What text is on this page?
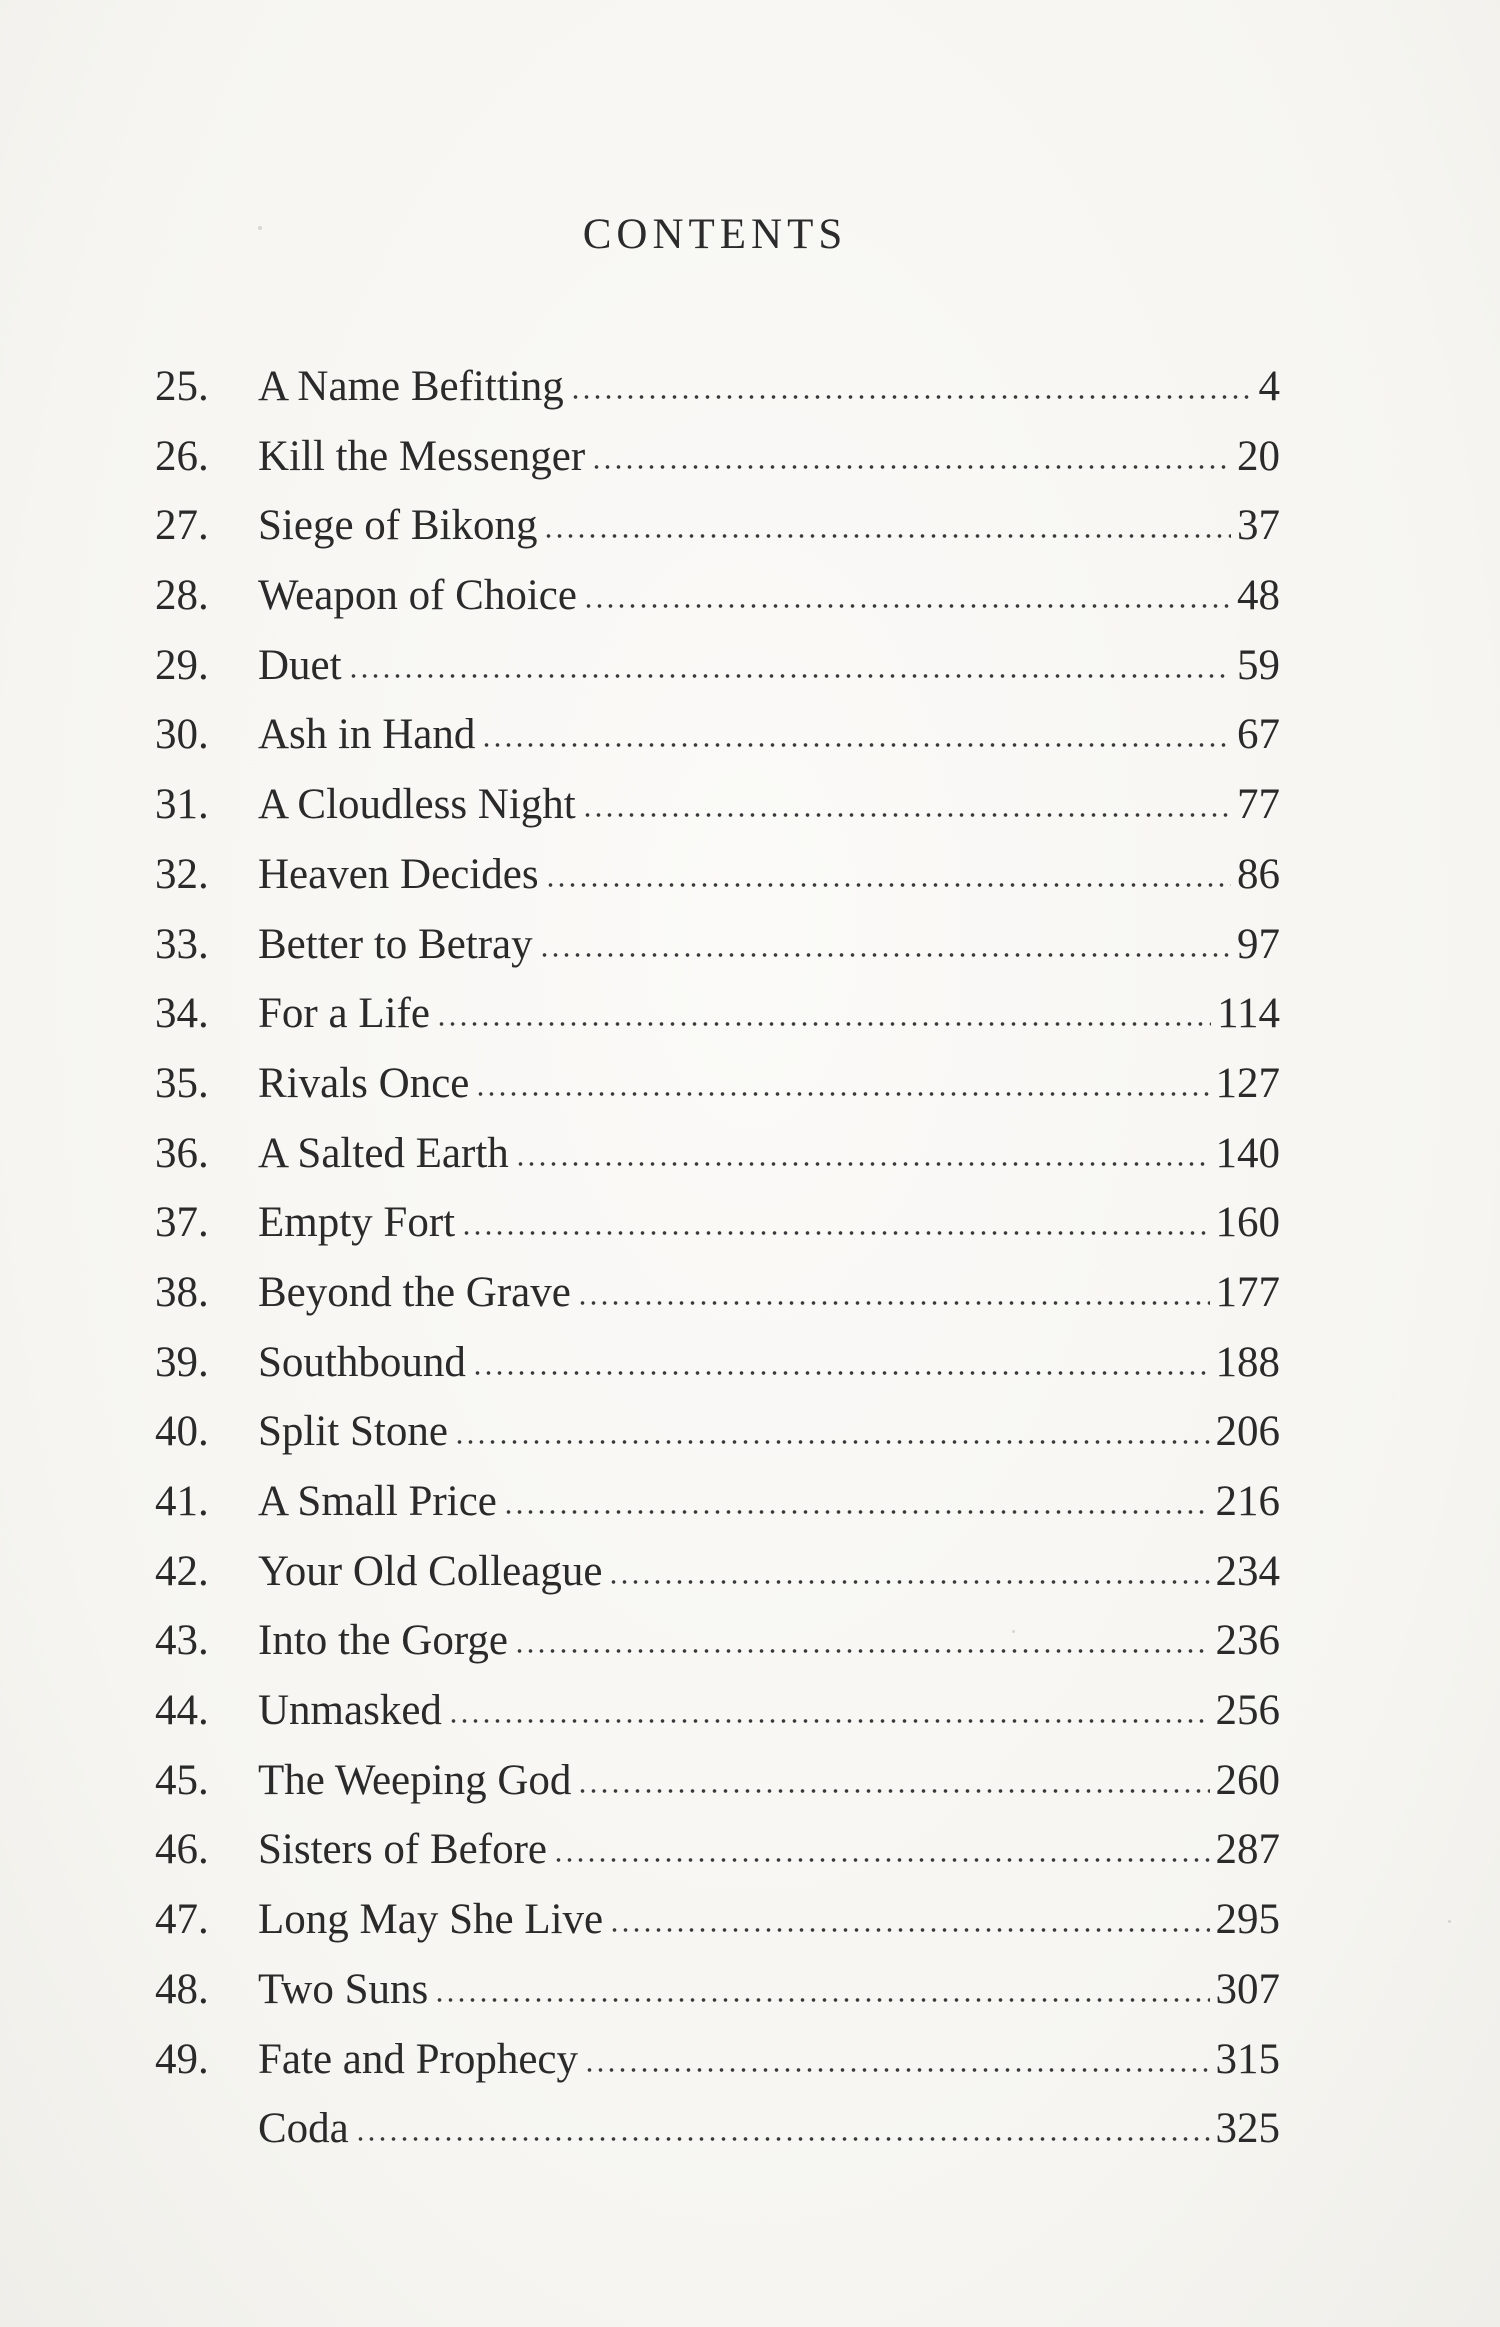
CONTENTS
25.	A Name Befitting	4
26.	Kill the Messenger	20
27.	Siege of Bikong	37
28.	Weapon of Choice	48
29.	Duet	59
30.	Ash in Hand	67
31.	A Cloudless Night	77
32.	Heaven Decides	86
33.	Better to Betray	97
34.	For a Life	114
35.	Rivals Once	127
36.	A Salted Earth	140
37.	Empty Fort	160
38.	Beyond the Grave	177
39.	Southbound	188
40.	Split Stone	206
41.	A Small Price	216
42.	Your Old Colleague	234
43.	Into the Gorge	236
44.	Unmasked	256
45.	The Weeping God	260
46.	Sisters of Before	287
47.	Long May She Live	295
48.	Two Suns	307
49.	Fate and Prophecy	315
Coda	325
